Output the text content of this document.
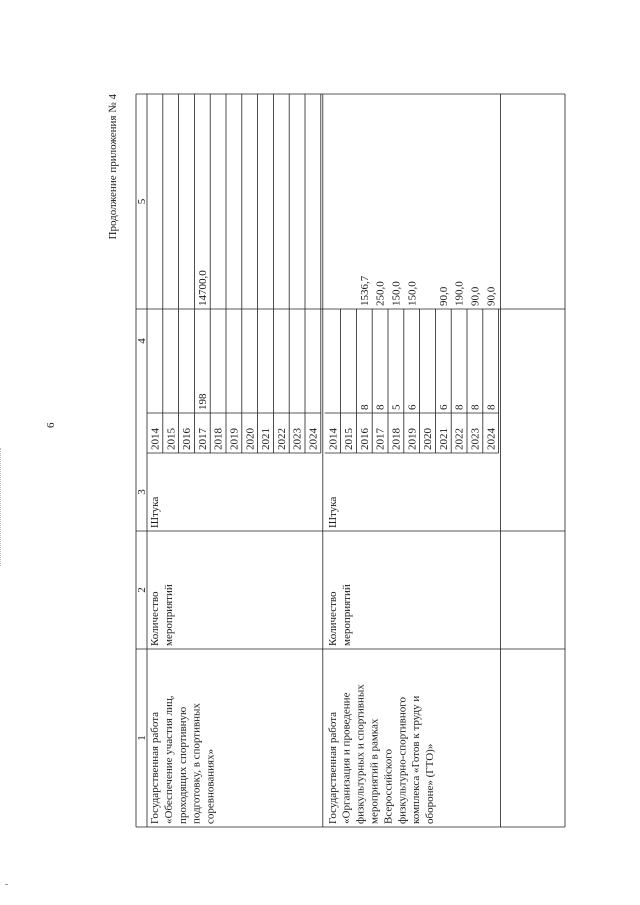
6
Продолжение приложения № 4
1
2
3
4
5
Государственная работа «Обеспечение участия лиц, проходящих спортивную подготовку, в спортивных соревнованиях»
Количество мероприятий
Штука
2014 2015 2016 2017
198
14700,0
2018 2019 2020 2021 2022 2023 2024
Государственная работа «Организация и проведение физкультурных и спортивных мероприятий в рамках Всероссийского физкультурно-спортивного комплекса «Готов к труду и обороне» (ГТО)»
Количество мероприятий
Штука
2014 2015 2016
8
1536,7
2017
8
250,0
2018
5
150,0
2019
6
150,0
2020 2021
6
90,0
2022
8
190,0
2023
8
90,0
2024
8
90,0
